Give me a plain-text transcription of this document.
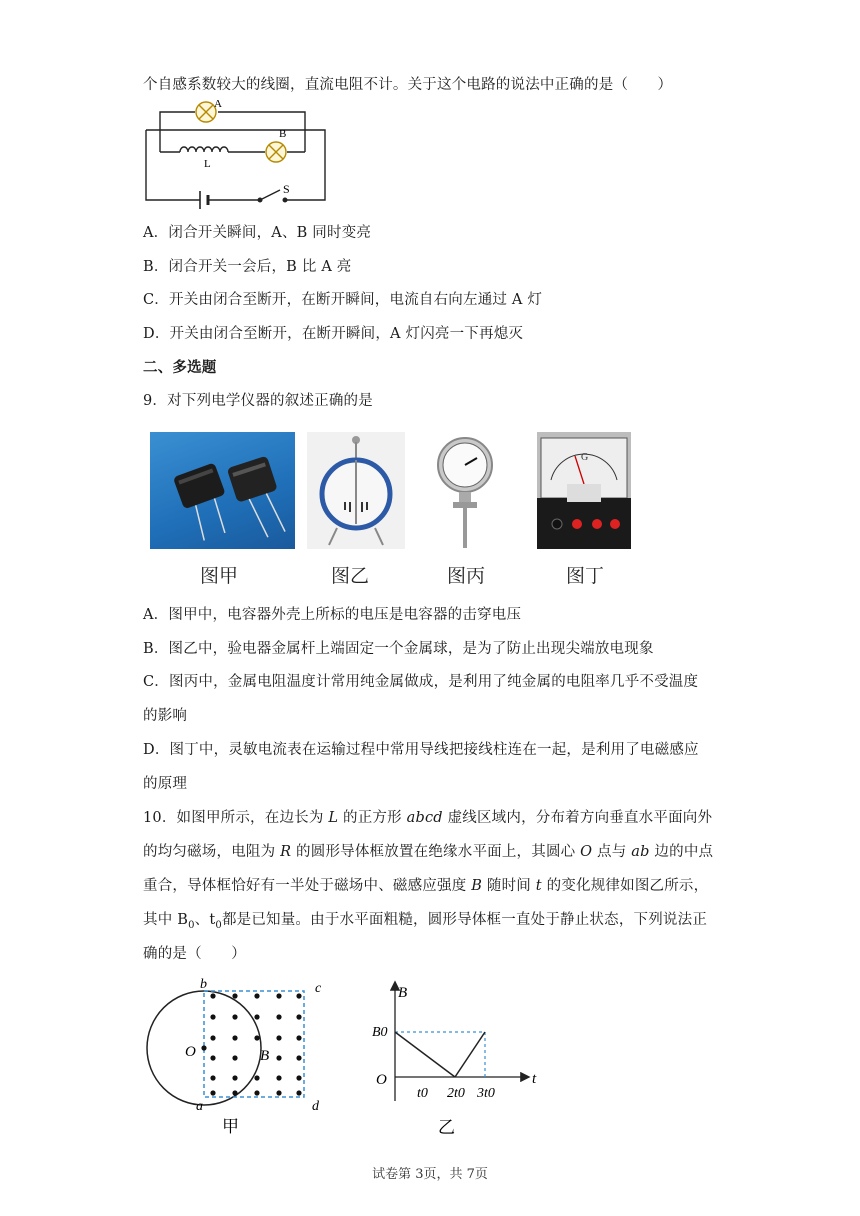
个自感系数较大的线圈，直流电阻不计。关于这个电路的说法中正确的是（　　）
A
B
L
S
A．闭合开关瞬间，A、B 同时变亮
B．闭合开关一会后，B 比 A 亮
C．开关由闭合至断开，在断开瞬间，电流自右向左通过 A 灯
D．开关由闭合至断开，在断开瞬间，A 灯闪亮一下再熄灭
二、多选题
9．对下列电学仪器的叙述正确的是
G
图甲	图乙	图丙	图丁
A．图甲中，电容器外壳上所标的电压是电容器的击穿电压
B．图乙中，验电器金属杆上端固定一个金属球，是为了防止出现尖端放电现象
C．图丙中，金属电阻温度计常用纯金属做成，是利用了纯金属的电阻率几乎不受温度
的影响
D．图丁中，灵敏电流表在运输过程中常用导线把接线柱连在一起，是利用了电磁感应
的原理
10．如图甲所示，在边长为 L 的正方形 abcd 虚线区域内，分布着方向垂直水平面向外
的均匀磁场，电阻为 R 的圆形导体框放置在绝缘水平面上，其圆心 O 点与 ab 边的中点
重合，导体框恰好有一半处于磁场中、磁感应强度 B 随时间 t 的变化规律如图乙所示，
其中 $B_0$、$t_0$都是已知量。由于水平面粗糙，圆形导体框一直处于静止状态，下列说法正
确的是（　　）
b	c
a	d
O	B
甲
t0 2t0 3t0
B
t
O
B0
乙
试卷第 3页，共 7页
